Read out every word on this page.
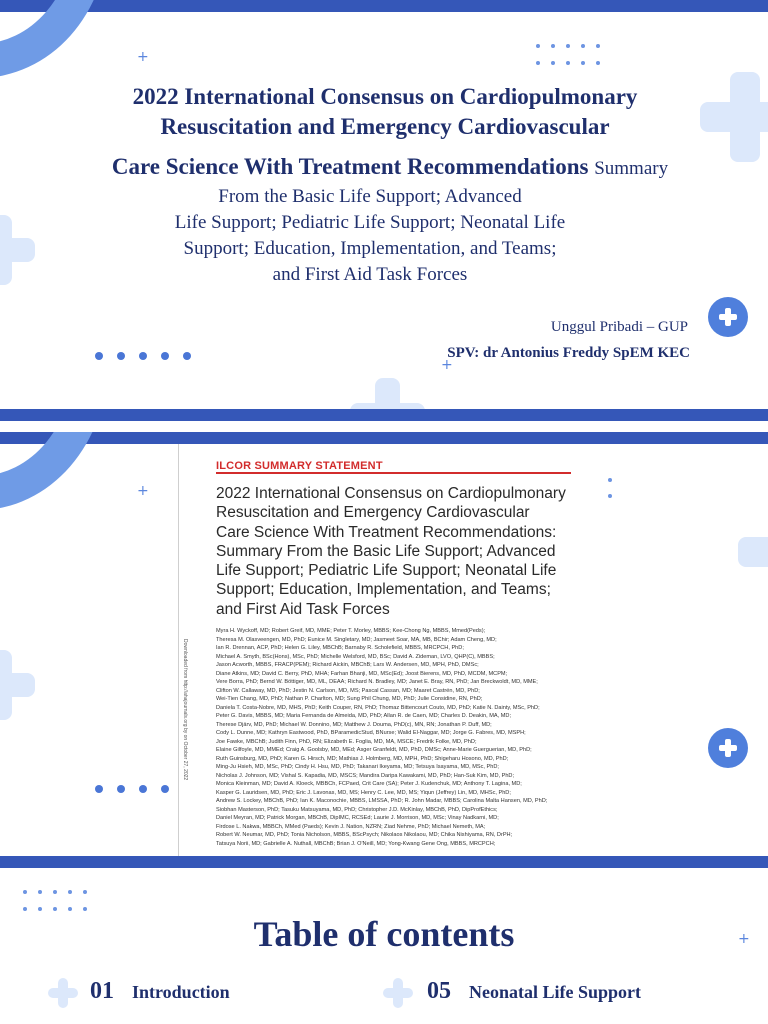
+
+
2022 International Consensus on Cardiopulmonary
Resuscitation and Emergency Cardiovascular
Care Science With Treatment Recommendations Summary
From the Basic Life Support; Advanced
Life Support; Pediatric Life Support; Neonatal Life
Support; Education, Implementation, and Teams;
and First Aid Task Forces
Unggul Pribadi – GUP
SPV: dr Antonius Freddy SpEM KEC
+
Downloaded from http://ahajournals.org by on October 27, 2022
ILCOR SUMMARY STATEMENT
2022 International Consensus on Cardiopulmonary
Resuscitation and Emergency Cardiovascular
Care Science With Treatment Recommendations:
Summary From the Basic Life Support; Advanced
Life Support; Pediatric Life Support; Neonatal Life
Support; Education, Implementation, and Teams;
and First Aid Task Forces
Myra H. Wyckoff, MD; Robert Greif, MD, MME; Peter T. Morley, MBBS; Kee-Chong Ng, MBBS, Mmed(Peds);
Theresa M. Olasveengen, MD, PhD; Eunice M. Singletary, MD; Jasmeet Soar, MA, MB, BChir; Adam Cheng, MD;
Ian R. Drennan, ACP, PhD; Helen G. Liley, MBChB; Barnaby R. Scholefield, MBBS, MRCPCH, PhD;
Michael A. Smyth, BSc(Hons), MSc, PhD; Michelle Welsford, MD, BSc; David A. Zideman, LVO, QHP(C), MBBS;
Jason Acworth, MBBS, FRACP(PEM); Richard Aickin, MBChB; Lars W. Andersen, MD, MPH, PhD, DMSc;
Diane Atkins, MD; David C. Berry, PhD, MHA; Farhan Bhanji, MD, MSc(Ed); Joost Bierens, MD, PhD, MCDM, MCPM;
Vere Borra, PhD; Bernd W. Böttiger, MD, ML, DEAA; Richard N. Bradley, MD; Janet E. Bray, RN, PhD; Jan Breckwoldt, MD, MME;
Clifton W. Callaway, MD, PhD; Jestin N. Carlson, MD, MS; Pascal Cassan, MD; Maaret Castrén, MD, PhD;
Wei-Tien Chang, MD, PhD; Nathan P. Charlton, MD; Sung Phil Chung, MD, PhD; Julie Considine, RN, PhD;
Daniela T. Costa-Nobre, MD, MHS, PhD; Keith Couper, RN, PhD; Thomaz Bittencourt Couto, MD, PhD; Katie N. Dainty, MSc, PhD;
Peter G. Davis, MBBS, MD; Maria Fernanda de Almeida, MD, PhD; Allan R. de Caen, MD; Charles D. Deakin, MA, MD;
Therese Djärv, MD, PhD; Michael W. Donnino, MD; Matthew J. Douma, PhD(c), MN, RN; Jonathan P. Duff, MD;
Cody L. Dunne, MD; Kathryn Eastwood, PhD, BParamedicStud, BNurse; Walid El-Naggar, MD; Jorge G. Fabres, MD, MSPH;
Joe Fawke, MBChB; Judith Finn, PhD, RN; Elizabeth E. Foglia, MD, MA, MSCE; Fredrik Folke, MD, PhD;
Elaine Gilfoyle, MD, MMEd; Craig A. Goolsby, MD, MEd; Asger Granfeldt, MD, PhD, DMSc; Anne-Marie Guerguerian, MD, PhD;
Ruth Guinsburg, MD, PhD; Karen G. Hirsch, MD; Mathias J. Holmberg, MD, MPH, PhD; Shigeharu Hosono, MD, PhD;
Ming-Ju Hsieh, MD, MSc, PhD; Cindy H. Hsu, MD, PhD; Takanari Ikeyama, MD; Tetsuya Isayama, MD, MSc, PhD;
Nicholas J. Johnson, MD; Vishal S. Kapadia, MD, MSCS; Mandira Daripa Kawakami, MD, PhD; Han-Suk Kim, MD, PhD;
Monica Kleinman, MD; David A. Kloeck, MBBCh, FCPaed, Crit Care (SA); Peter J. Kudenchuk, MD; Anthony T. Lagina, MD;
Kasper G. Lauridsen, MD, PhD; Eric J. Lavonas, MD, MS; Henry C. Lee, MD, MS; Yiqun (Jeffrey) Lin, MD, MHSc, PhD;
Andrew S. Lockey, MBChB, PhD; Ian K. Maconochie, MBBS, LMSSA, PhD; R. John Madar, MBBS; Carolina Malta Hansen, MD, PhD;
Siobhan Masterson, PhD; Tasuku Matsuyama, MD, PhD; Christopher J.D. McKinlay, MBChB, PhD, DipProfEthics;
Daniel Meyran, MD; Patrick Morgan, MBChB, DipIMC, RCSEd; Laurie J. Morrison, MD, MSc; Vinay Nadkarni, MD;
Firdose L. Nakwa, MBBCh, MMed (Paeds); Kevin J. Nation, NZRN; Ziad Nehme, PhD; Michael Nemeth, MA;
Robert W. Neumar, MD, PhD; Tonia Nicholson, MBBS, BScPsych; Nikolaos Nikolaou, MD; Chika Nishiyama, RN, DrPH;
Tatsuya Norii, MD; Gabrielle A. Nuthall, MBChB; Brian J. O'Neill, MD; Yong-Kwang Gene Ong, MBBS, MRCPCH;
+
Table of contents
01 Introduction	05 Neonatal Life Support
